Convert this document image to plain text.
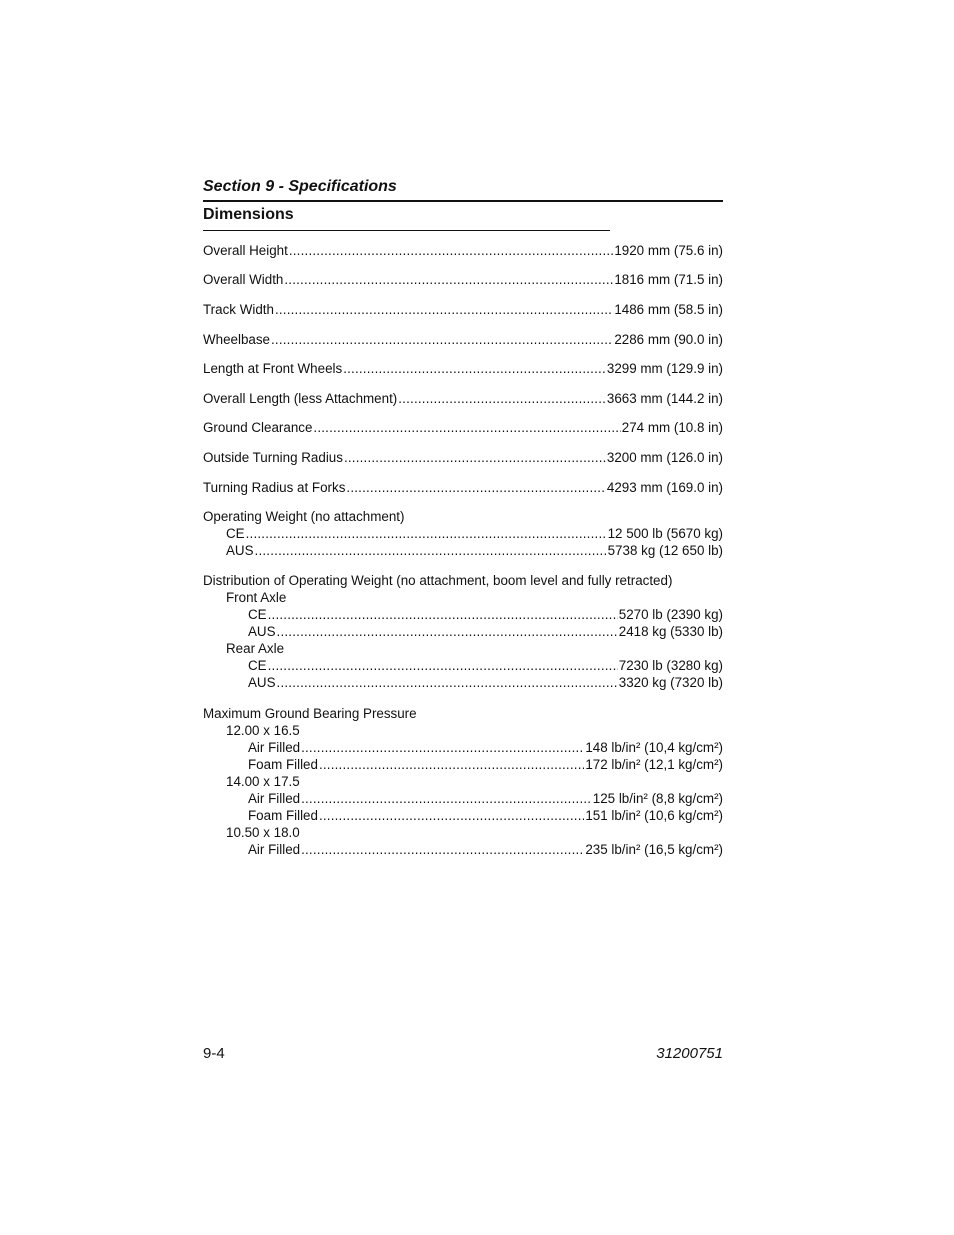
Section 9 - Specifications
Dimensions
Overall Height .....	1920 mm (75.6 in)
Overall Width .....	1816 mm (71.5 in)
Track Width .....	1486 mm (58.5 in)
Wheelbase .....	2286 mm (90.0 in)
Length at Front Wheels .....	3299 mm (129.9 in)
Overall Length (less Attachment) .....	3663 mm (144.2 in)
Ground Clearance .....	274 mm (10.8 in)
Outside Turning Radius .....	3200 mm (126.0 in)
Turning Radius at Forks .....	4293 mm (169.0 in)
Operating Weight (no attachment)
CE .....	12 500 lb (5670 kg)
AUS .....	5738 kg (12 650 lb)
Distribution of Operating Weight (no attachment, boom level and fully retracted)
Front Axle
CE .....	5270 lb (2390 kg)
AUS .....	2418 kg (5330 lb)
Rear Axle
CE .....	7230 lb (3280 kg)
AUS .....	3320 kg (7320 lb)
Maximum Ground Bearing Pressure
12.00 x 16.5
Air Filled .....	148 lb/in² (10,4 kg/cm²)
Foam Filled .....	172 lb/in² (12,1 kg/cm²)
14.00 x 17.5
Air Filled .....	125 lb/in² (8,8 kg/cm²)
Foam Filled .....	151 lb/in² (10,6 kg/cm²)
10.50 x 18.0
Air Filled .....	235 lb/in² (16,5 kg/cm²)
9-4	31200751
